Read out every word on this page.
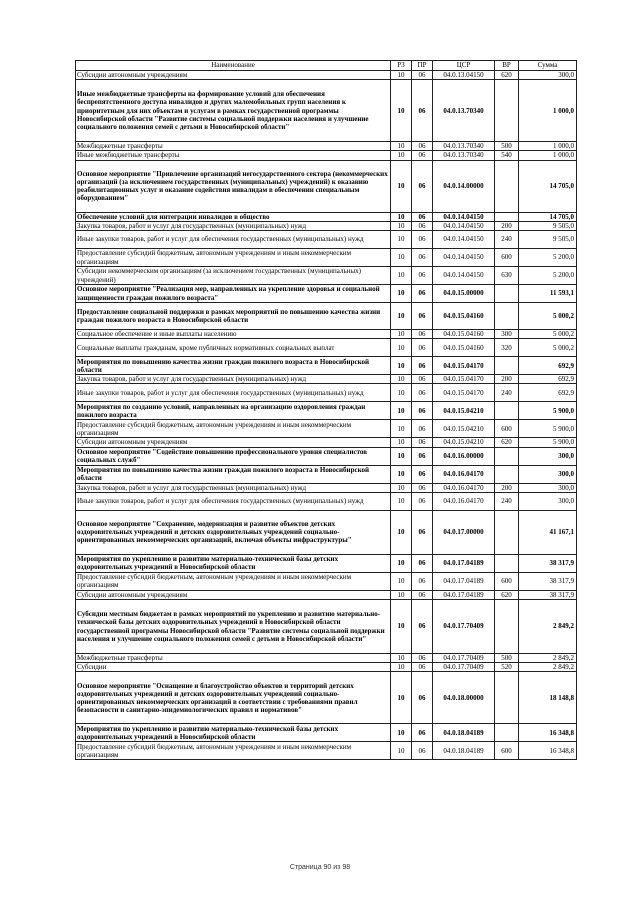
Наименование	РЗ	ПР	ЦСР	ВР	Сумма
Субсидии автономным учреждениям	10	06	04.0.13.04150	620	300,0
Иные межбюджетные трансферты на формирование условий для обеспечения беспрепятственного доступа инвалидов и других маломобильных групп населения к приоритетным для них объектам и услугам в рамках государственной программы Новосибирской области "Развитие системы социальной поддержки населения и улучшение социального положения семей с детьми в Новосибирской области"	10	06	04.0.13.70340		1 000,0
Межбюджетные трансферты	10	06	04.0.13.70340	500	1 000,0
Иные межбюджетные трансферты	10	06	04.0.13.70340	540	1 000,0
Основное мероприятие "Привлечение организаций негосударственного сектора (некоммерческих организаций (за исключением государственных (муниципальных) учреждений) к оказанию реабилитационных услуг и оказание содействия инвалидам в обеспечении специальным оборудованием"	10	06	04.0.14.00000		14 705,0
Обеспечение условий для интеграции инвалидов в общество	10	06	04.0.14.04150		14 705,0
Закупка товаров, работ и услуг для государственных (муниципальных) нужд	10	06	04.0.14.04150	200	9 505,0
Иные закупки товаров, работ и услуг для обеспечения государственных (муниципальных) нужд	10	06	04.0.14.04150	240	9 505,0
Предоставление субсидий бюджетным, автономным учреждениям и иным некоммерческим организациям	10	06	04.0.14.04150	600	5 200,0
Субсидии некоммерческим организациям (за исключением государственных (муниципальных) учреждений)	10	06	04.0.14.04150	630	5 200,0
Основное мероприятие "Реализация мер, направленных на укрепление здоровья и социальной защищенности граждан пожилого возраста"	10	06	04.0.15.00000		11 593,1
Предоставление социальной поддержки в рамках мероприятий по повышению качества жизни граждан пожилого возраста в Новосибирской области	10	06	04.0.15.04160		5 000,2
Социальное обеспечение и иные выплаты населению	10	06	04.0.15.04160	300	5 000,2
Социальные выплаты гражданам, кроме публичных нормативных социальных выплат	10	06	04.0.15.04160	320	5 000,2
Мероприятия по повышению качества жизни граждан пожилого возраста в Новосибирской области	10	06	04.0.15.04170		692,9
Закупка товаров, работ и услуг для государственных (муниципальных) нужд	10	06	04.0.15.04170	200	692,9
Иные закупки товаров, работ и услуг для обеспечения государственных (муниципальных) нужд	10	06	04.0.15.04170	240	692,9
Мероприятия по созданию условий, направленных на организацию оздоровления граждан пожилого возраста	10	06	04.0.15.04210		5 900,0
Предоставление субсидий бюджетным, автономным учреждениям и иным некоммерческим организациям	10	06	04.0.15.04210	600	5 900,0
Субсидии автономным учреждениям	10	06	04.0.15.04210	620	5 900,0
Основное мероприятие "Содействие повышению профессионального уровня специалистов социальных служб"	10	06	04.0.16.00000		300,0
Мероприятия по повышению качества жизни граждан пожилого возраста в Новосибирской области	10	06	04.0.16.04170		300,0
Закупка товаров, работ и услуг для государственных (муниципальных) нужд	10	06	04.0.16.04170	200	300,0
Иные закупки товаров, работ и услуг для обеспечения государственных (муниципальных) нужд	10	06	04.0.16.04170	240	300,0
Основное мероприятие "Сохранение, модернизация и развитие объектов детских оздоровительных учреждений и детских оздоровительных учреждений социально-ориентированных некоммерческих организаций, включая объекты инфраструктуры"	10	06	04.0.17.00000		41 167,1
Мероприятия по укреплению и развитию материально-технической базы детских оздоровительных учреждений в Новосибирской области	10	06	04.0.17.04189		38 317,9
Предоставление субсидий бюджетным, автономным учреждениям и иным некоммерческим организациям	10	06	04.0.17.04189	600	38 317,9
Субсидии автономным учреждениям	10	06	04.0.17.04189	620	38 317,9
Субсидии местным бюджетам в рамках мероприятий по укреплению и развитию материально-технической базы детских оздоровительных учреждений в Новосибирской области государственной программы Новосибирской области "Развитие системы социальной поддержки населения и улучшение социального положения семей с детьми в Новосибирской области"	10	06	04.0.17.70409		2 849,2
Межбюджетные трансферты	10	06	04.0.17.70409	500	2 849,2
Субсидии	10	06	04.0.17.70409	520	2 849,2
Основное мероприятие "Оснащение и благоустройство объектов и территорий детских оздоровительных учреждений и детских оздоровительных учреждений социально-ориентированных некоммерческих организаций в соответствии с требованиями правил безопасности и санитарно-эпидемиологических правил и нормативов"	10	06	04.0.18.00000		18 148,8
Мероприятия по укреплению и развитию материально-технической базы детских оздоровительных учреждений в Новосибирской области	10	06	04.0.18.04189		16 348,8
Предоставление субсидий бюджетным, автономным учреждениям и иным некоммерческим организациям	10	06	04.0.18.04189	600	16 348,8
Страница 90 из 98
